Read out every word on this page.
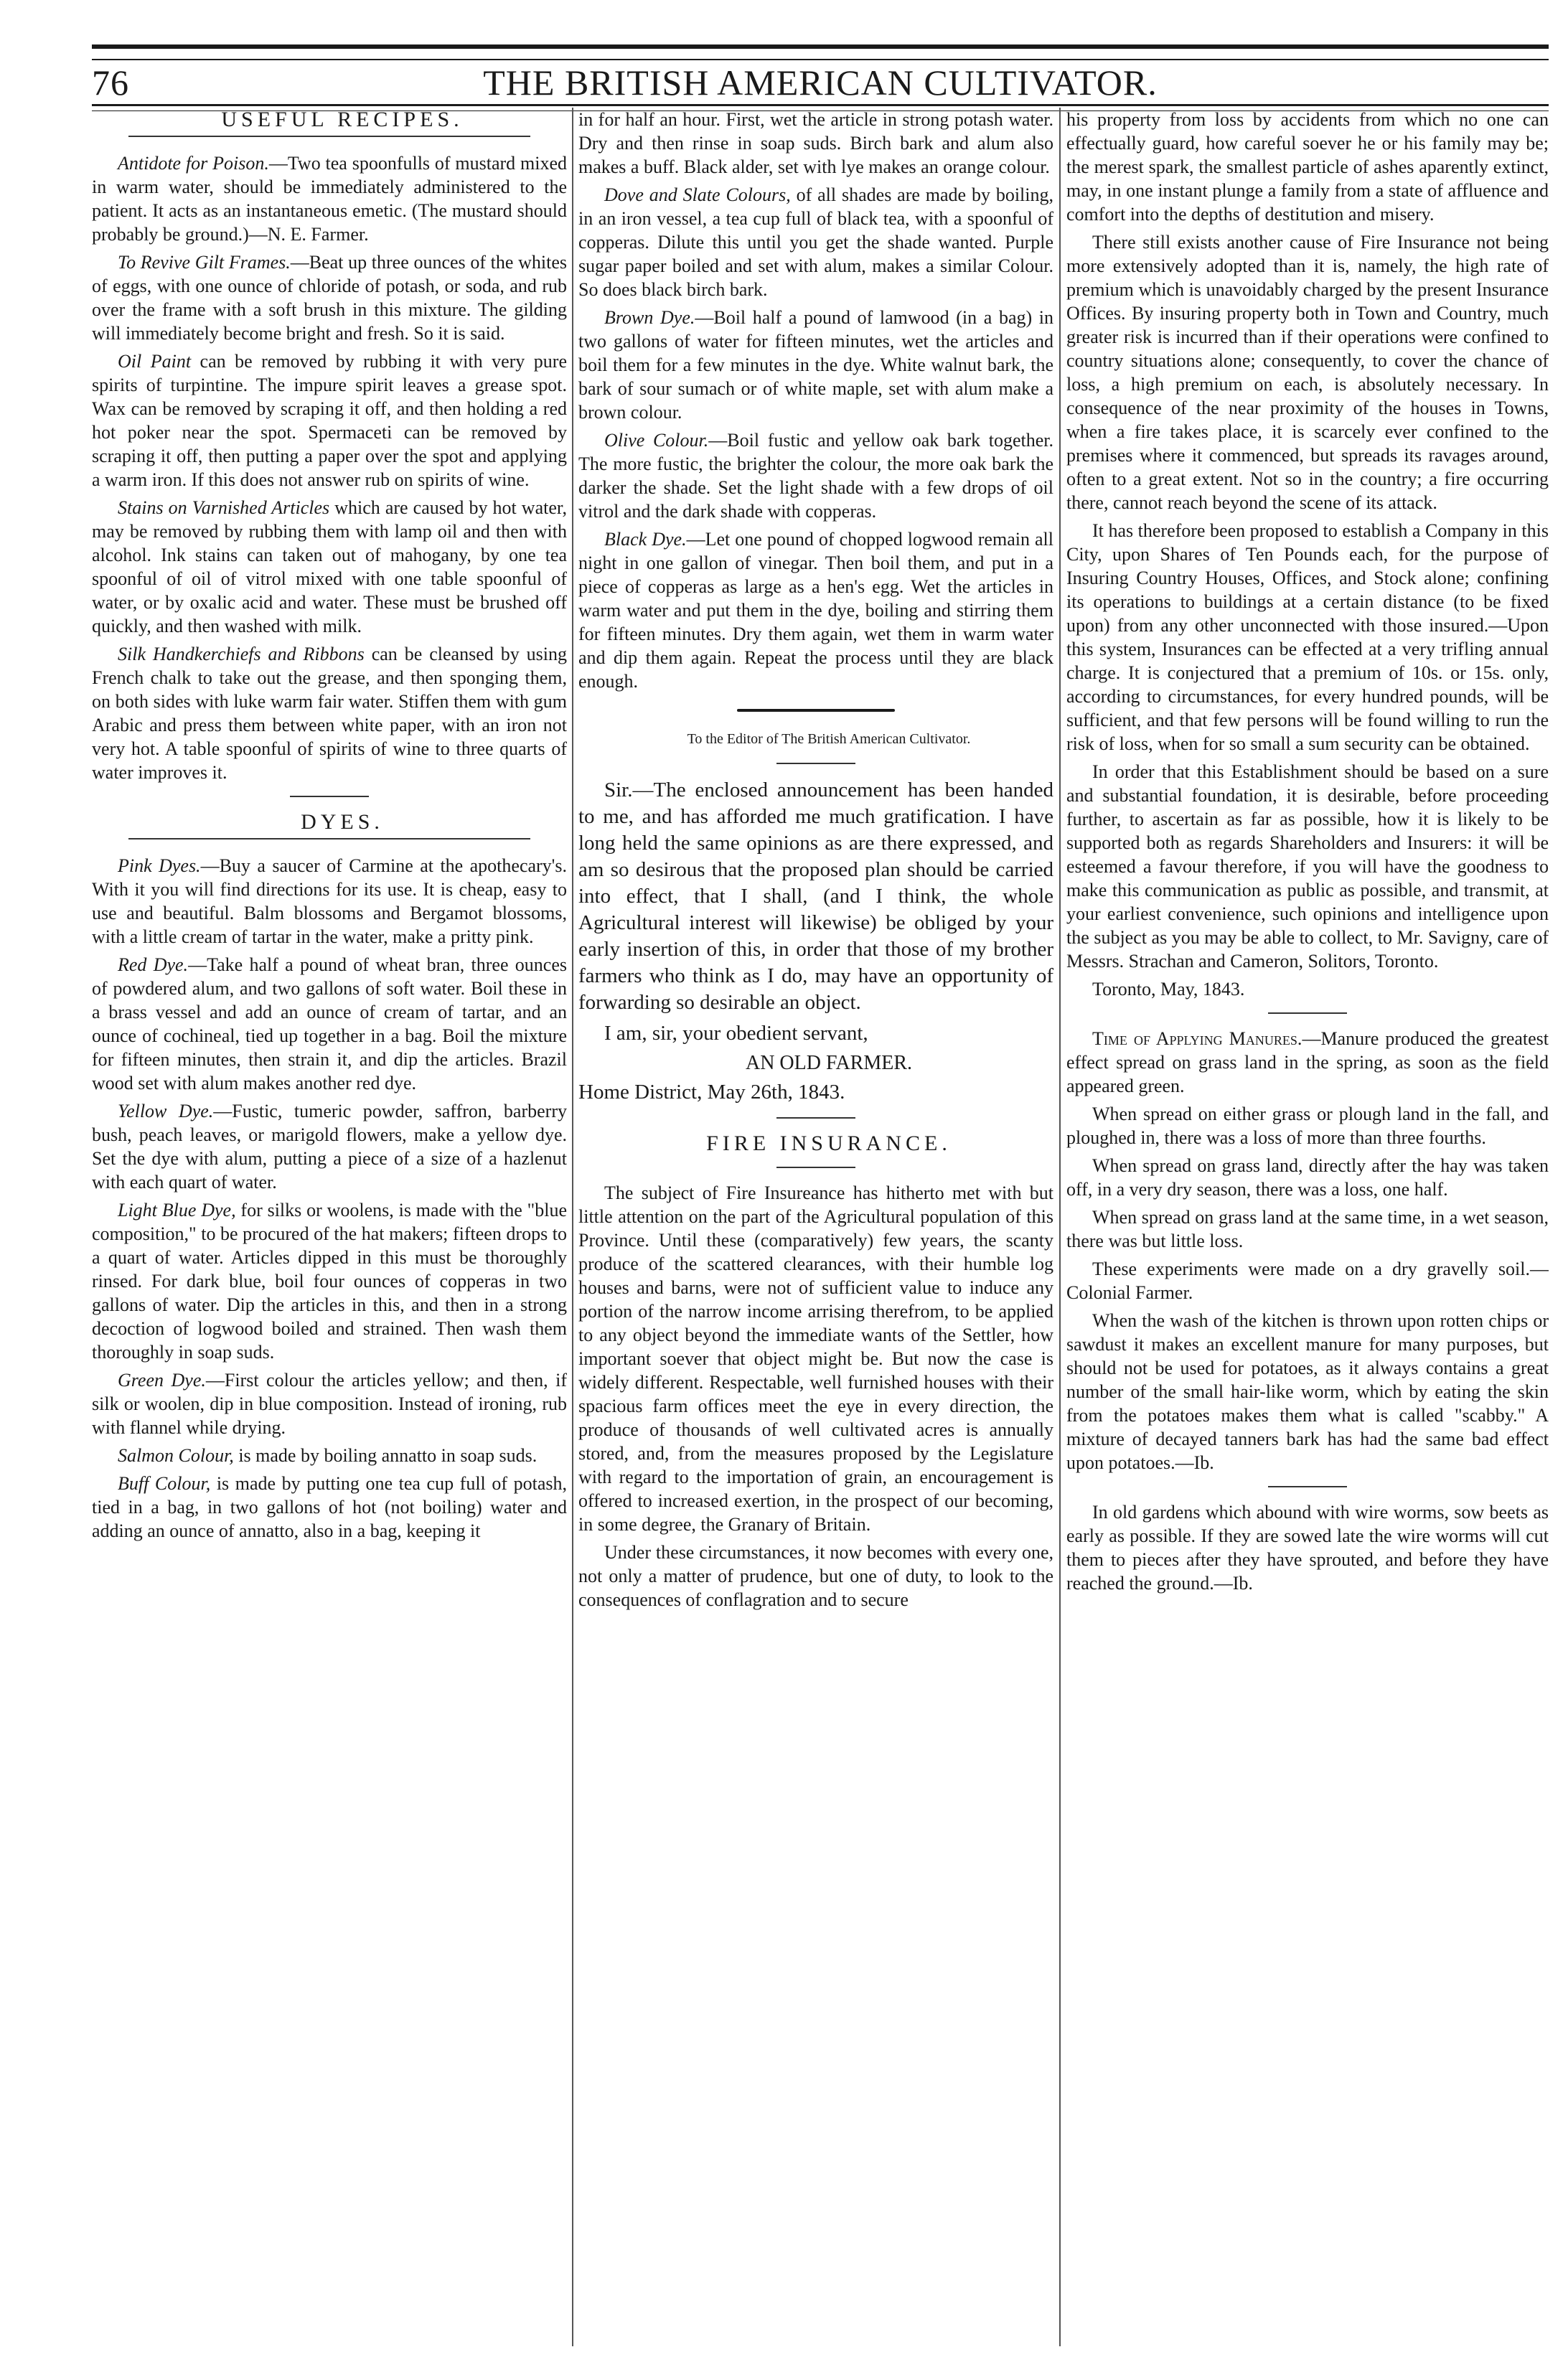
76	THE BRITISH AMERICAN CULTIVATOR.

USEFUL RECIPES.

Antidote for Poison.—Two tea spoonfulls of mustard mixed in warm water, should be immediately administered to the patient. It acts as an instantaneous emetic. (The mustard should probably be ground.)—N. E. Farmer.

To Revive Gilt Frames.—Beat up three ounces of the whites of eggs, with one ounce of chloride of potash, or soda, and rub over the frame with a soft brush in this mixture. The gilding will immediately become bright and fresh. So it is said.

Oil Paint can be removed by rubbing it with very pure spirits of turpintine. The impure spirit leaves a grease spot. Wax can be removed by scraping it off, and then holding a red hot poker near the spot. Spermaceti can be removed by scraping it off, then putting a paper over the spot and applying a warm iron. If this does not answer rub on spirits of wine.

Stains on Varnished Articles which are caused by hot water, may be removed by rubbing them with lamp oil and then with alcohol. Ink stains can taken out of mahogany, by one tea spoonful of oil of vitrol mixed with one table spoonful of water, or by oxalic acid and water. These must be brushed off quickly, and then washed with milk.

Silk Handkerchiefs and Ribbons can be cleansed by using French chalk to take out the grease, and then sponging them, on both sides with luke warm fair water. Stiffen them with gum Arabic and press them between white paper, with an iron not very hot. A table spoonful of spirits of wine to three quarts of water improves it.

DYES.

Pink Dyes.—Buy a saucer of Carmine at the apothecary's. With it you will find directions for its use. It is cheap, easy to use and beautiful. Balm blossoms and Bergamot blossoms, with a little cream of tartar in the water, make a pritty pink.

Red Dye.—Take half a pound of wheat bran, three ounces of powdered alum, and two gallons of soft water. Boil these in a brass vessel and add an ounce of cream of tartar, and an ounce of cochineal, tied up together in a bag. Boil the mixture for fifteen minutes, then strain it, and dip the articles. Brazil wood set with alum makes another red dye.

Yellow Dye.—Fustic, tumeric powder, saffron, barberry bush, peach leaves, or marigold flowers, make a yellow dye. Set the dye with alum, putting a piece of a size of a hazlenut with each quart of water.

Light Blue Dye, for silks or woolens, is made with the "blue composition," to be procured of the hat makers; fifteen drops to a quart of water. Articles dipped in this must be thoroughly rinsed. For dark blue, boil four ounces of copperas in two gallons of water. Dip the articles in this, and then in a strong decoction of logwood boiled and strained. Then wash them thoroughly in soap suds.

Green Dye.—First colour the articles yellow; and then, if silk or woolen, dip in blue composition. Instead of ironing, rub with flannel while drying.

Salmon Colour, is made by boiling annatto in soap suds.

Buff Colour, is made by putting one tea cup full of potash, tied in a bag, in two gallons of hot (not boiling) water and adding an ounce of annatto, also in a bag, keeping it

in for half an hour. First, wet the article in strong potash water. Dry and then rinse in soap suds. Birch bark and alum also makes a buff. Black alder, set with lye makes an orange colour.

Dove and Slate Colours, of all shades are made by boiling, in an iron vessel, a tea cup full of black tea, with a spoonful of copperas. Dilute this until you get the shade wanted. Purple sugar paper boiled and set with alum, makes a similar Colour. So does black birch bark.

Brown Dye.—Boil half a pound of lamwood (in a bag) in two gallons of water for fifteen minutes, wet the articles and boil them for a few minutes in the dye. White walnut bark, the bark of sour sumach or of white maple, set with alum make a brown colour.

Olive Colour.—Boil fustic and yellow oak bark together. The more fustic, the brighter the colour, the more oak bark the darker the shade. Set the light shade with a few drops of oil vitrol and the dark shade with copperas.

Black Dye.—Let one pound of chopped logwood remain all night in one gallon of vinegar. Then boil them, and put in a piece of copperas as large as a hen's egg. Wet the articles in warm water and put them in the dye, boiling and stirring them for fifteen minutes. Dry them again, wet them in warm water and dip them again. Repeat the process until they are black enough.

To the Editor of The British American Cultivator.

Sir.—The enclosed announcement has been handed to me, and has afforded me much gratification. I have long held the same opinions as are there expressed, and am so desirous that the proposed plan should be carried into effect, that I shall, (and I think, the whole Agricultural interest will likewise) be obliged by your early insertion of this, in order that those of my brother farmers who think as I do, may have an opportunity of forwarding so desirable an object.

I am, sir, your obedient servant,

AN OLD FARMER.

Home District, May 26th, 1843.

FIRE INSURANCE.

The subject of Fire Insureance has hitherto met with but little attention on the part of the Agricultural population of this Province. Until these (comparatively) few years, the scanty produce of the scattered clearances, with their humble log houses and barns, were not of sufficient value to induce any portion of the narrow income arrising therefrom, to be applied to any object beyond the immediate wants of the Settler, how important soever that object might be. But now the case is widely different. Respectable, well furnished houses with their spacious farm offices meet the eye in every direction, the produce of thousands of well cultivated acres is annually stored, and, from the measures proposed by the Legislature with regard to the importation of grain, an encouragement is offered to increased exertion, in the prospect of our becoming, in some degree, the Granary of Britain.

Under these circumstances, it now becomes with every one, not only a matter of prudence, but one of duty, to look to the consequences of conflagration and to secure

his property from loss by accidents from which no one can effectually guard, how careful soever he or his family may be; the merest spark, the smallest particle of ashes aparently extinct, may, in one instant plunge a family from a state of affluence and comfort into the depths of destitution and misery.

There still exists another cause of Fire Insurance not being more extensively adopted than it is, namely, the high rate of premium which is unavoidably charged by the present Insurance Offices. By insuring property both in Town and Country, much greater risk is incurred than if their operations were confined to country situations alone; consequently, to cover the chance of loss, a high premium on each, is absolutely necessary. In consequence of the near proximity of the houses in Towns, when a fire takes place, it is scarcely ever confined to the premises where it commenced, but spreads its ravages around, often to a great extent. Not so in the country; a fire occurring there, cannot reach beyond the scene of its attack.

It has therefore been proposed to establish a Company in this City, upon Shares of Ten Pounds each, for the purpose of Insuring Country Houses, Offices, and Stock alone; confining its operations to buildings at a certain distance (to be fixed upon) from any other unconnected with those insured.—Upon this system, Insurances can be effected at a very trifling annual charge. It is conjectured that a premium of 10s. or 15s. only, according to circumstances, for every hundred pounds, will be sufficient, and that few persons will be found willing to run the risk of loss, when for so small a sum security can be obtained.

In order that this Establishment should be based on a sure and substantial foundation, it is desirable, before proceeding further, to ascertain as far as possible, how it is likely to be supported both as regards Shareholders and Insurers: it will be esteemed a favour therefore, if you will have the goodness to make this communication as public as possible, and transmit, at your earliest convenience, such opinions and intelligence upon the subject as you may be able to collect, to Mr. Savigny, care of Messrs. Strachan and Cameron, Solitors, Toronto.

Toronto, May, 1843.

Time of Applying Manures.—Manure produced the greatest effect spread on grass land in the spring, as soon as the field appeared green.

When spread on either grass or plough land in the fall, and ploughed in, there was a loss of more than three fourths.

When spread on grass land, directly after the hay was taken off, in a very dry season, there was a loss, one half.

When spread on grass land at the same time, in a wet season, there was but little loss.

These experiments were made on a dry gravelly soil.—Colonial Farmer.

When the wash of the kitchen is thrown upon rotten chips or sawdust it makes an excellent manure for many purposes, but should not be used for potatoes, as it always contains a great number of the small hair-like worm, which by eating the skin from the potatoes makes them what is called "scabby." A mixture of decayed tanners bark has had the same bad effect upon potatoes.—Ib.

In old gardens which abound with wire worms, sow beets as early as possible. If they are sowed late the wire worms will cut them to pieces after they have sprouted, and before they have reached the ground.—Ib.
